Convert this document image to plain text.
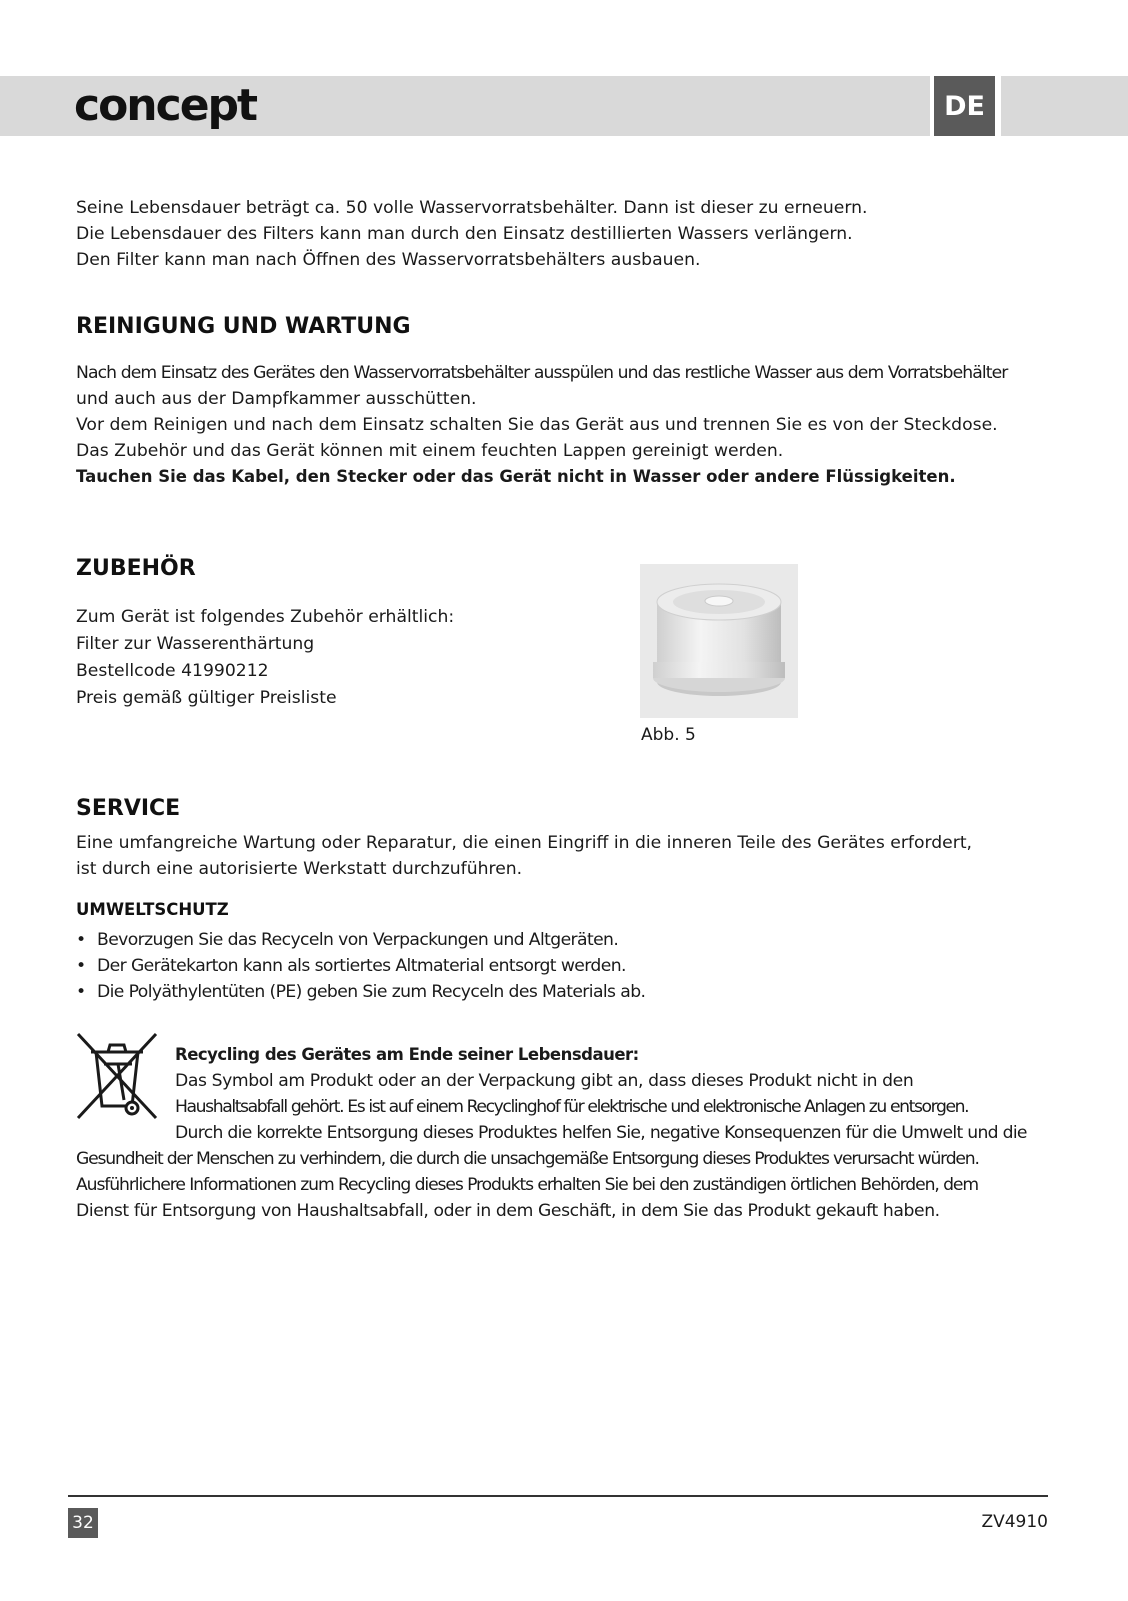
concept	DE

Seine Lebensdauer beträgt ca. 50 volle Wasservorratsbehälter. Dann ist dieser zu erneuern.

Die Lebensdauer des Filters kann man durch den Einsatz destillierten Wassers verlängern.

Den Filter kann man nach Öffnen des Wasservorratsbehälters ausbauen.

REINIGUNG UND WARTUNG

Nach dem Einsatz des Gerätes den Wasservorratsbehälter ausspülen und das restliche Wasser aus dem Vorratsbehälter

und auch aus der Dampfkammer ausschütten.

Vor dem Reinigen und nach dem Einsatz schalten Sie das Gerät aus und trennen Sie es von der Steckdose.

Das Zubehör und das Gerät können mit einem feuchten Lappen gereinigt werden.

Tauchen Sie das Kabel, den Stecker oder das Gerät nicht in Wasser oder andere Flüssigkeiten.

ZUBEHÖR

Zum Gerät ist folgendes Zubehör erhältlich:

Filter zur Wasserenthärtung

Bestellcode 41990212

Preis gemäß gültiger Preisliste

Abb. 5
SERVICE

Eine umfangreiche Wartung oder Reparatur, die einen Eingriff in die inneren Teile des Gerätes erfordert,

ist durch eine autorisierte Werkstatt durchzuführen.

UMWELTSCHUTZ
• Bevorzugen Sie das Recyceln von Verpackungen und Altgeräten.
• Der Gerätekarton kann als sortiertes Altmaterial entsorgt werden.
• Die Polyäthylentüten (PE) geben Sie zum Recyceln des Materials ab.

Recycling des Gerätes am Ende seiner Lebensdauer:

Das Symbol am Produkt oder an der Verpackung gibt an, dass dieses Produkt nicht in den

Haushaltsabfall gehört. Es ist auf einem Recyclinghof für elektrische und elektronische Anlagen zu entsorgen.

Durch die korrekte Entsorgung dieses Produktes helfen Sie, negative Konsequenzen für die Umwelt und die

Gesundheit der Menschen zu verhindern, die durch die unsachgemäße Entsorgung dieses Produktes verursacht würden.

Ausführlichere Informationen zum Recycling dieses Produkts erhalten Sie bei den zuständigen örtlichen Behörden, dem

Dienst für Entsorgung von Haushaltsabfall, oder in dem Geschäft, in dem Sie das Produkt gekauft haben.

32	ZV4910
